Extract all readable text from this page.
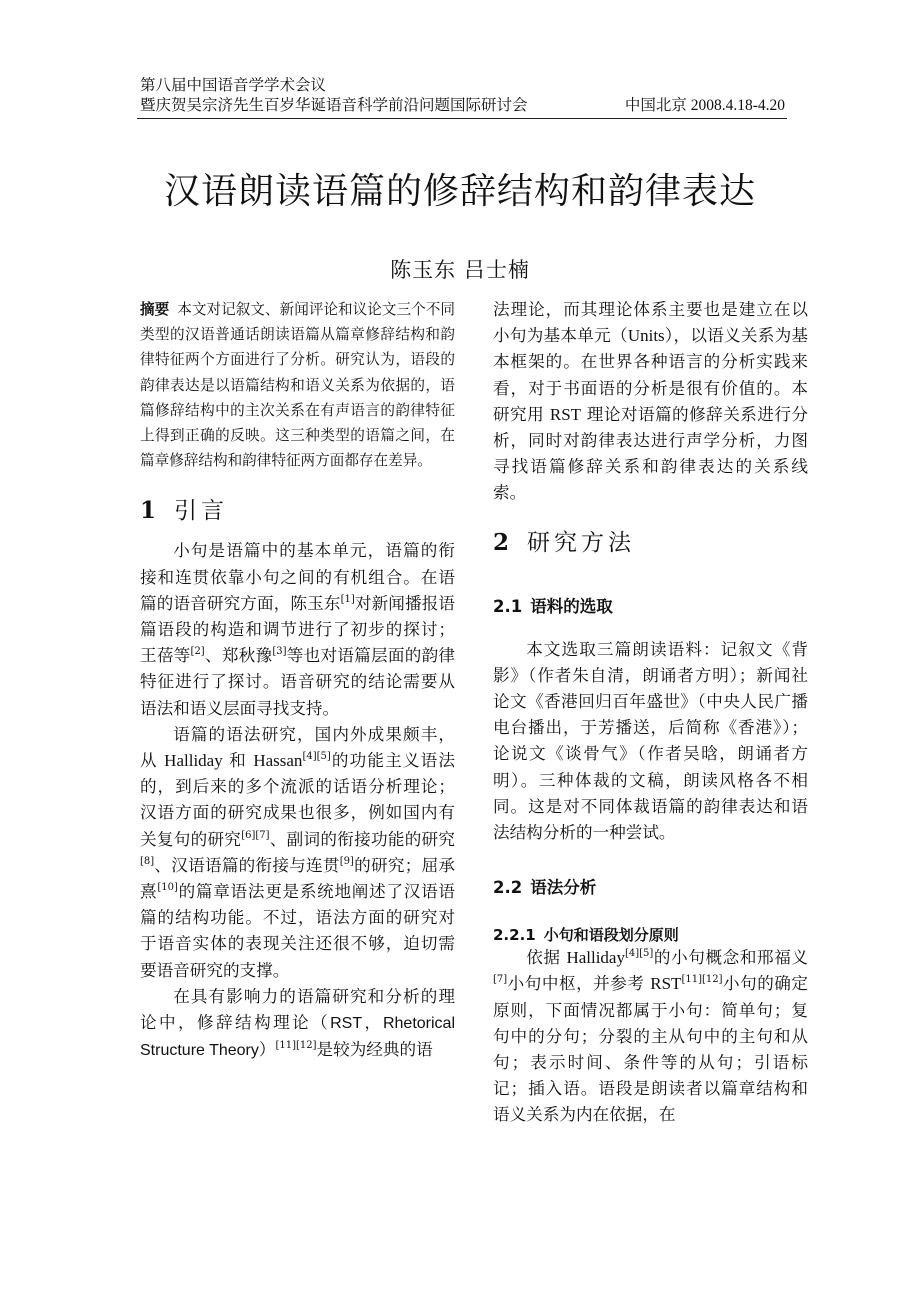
第八届中国语音学学术会议
暨庆贺吴宗济先生百岁华诞语音科学前沿问题国际研讨会	中国北京 2008.4.18-4.20
汉语朗读语篇的修辞结构和韵律表达
陈玉东 吕士楠

摘要 本文对记叙文、新闻评论和议论文三个不同类型的汉语普通话朗读语篇从篇章修辞结构和韵律特征两个方面进行了分析。研究认为，语段的韵律表达是以语篇结构和语义关系为依据的，语篇修辞结构中的主次关系在有声语言的韵律特征上得到正确的反映。这三种类型的语篇之间，在篇章修辞结构和韵律特征两方面都存在差异。

1 引言

小句是语篇中的基本单元，语篇的衔接和连贯依靠小句之间的有机组合。在语篇的语音研究方面，陈玉东[1]对新闻播报语篇语段的构造和调节进行了初步的探讨；王蓓等[2]、郑秋豫[3]等也对语篇层面的韵律特征进行了探讨。语音研究的结论需要从语法和语义层面寻找支持。

语篇的语法研究，国内外成果颇丰，从 Halliday 和 Hassan[4][5]的功能主义语法的，到后来的多个流派的话语分析理论；汉语方面的研究成果也很多，例如国内有关复句的研究[6][7]、副词的衔接功能的研究[8]、汉语语篇的衔接与连贯[9]的研究；屈承熹[10]的篇章语法更是系统地阐述了汉语语篇的结构功能。不过，语法方面的研究对于语音实体的表现关注还很不够，迫切需要语音研究的支撑。

在具有影响力的语篇研究和分析的理论中，修辞结构理论（RST，Rhetorical Structure Theory）[11][12]是较为经典的语

法理论，而其理论体系主要也是建立在以小句为基本单元（Units），以语义关系为基本框架的。在世界各种语言的分析实践来看，对于书面语的分析是很有价值的。本研究用 RST 理论对语篇的修辞关系进行分析，同时对韵律表达进行声学分析，力图寻找语篇修辞关系和韵律表达的关系线索。

2 研究方法
2.1 语料的选取

本文选取三篇朗读语料：记叙文《背影》（作者朱自清，朗诵者方明）；新闻社论文《香港回归百年盛世》（中央人民广播电台播出，于芳播送，后简称《香港》）；论说文《谈骨气》（作者吴晗，朗诵者方明）。三种体裁的文稿，朗读风格各不相同。这是对不同体裁语篇的韵律表达和语法结构分析的一种尝试。

2.2 语法分析
2.2.1 小句和语段划分原则

依据 Halliday[4][5]的小句概念和邢福义[7]小句中枢，并参考 RST[11][12]小句的确定原则，下面情况都属于小句：简单句；复句中的分句；分裂的主从句中的主句和从句；表示时间、条件等的从句；引语标记；插入语。语段是朗读者以篇章结构和语义关系为内在依据，在
